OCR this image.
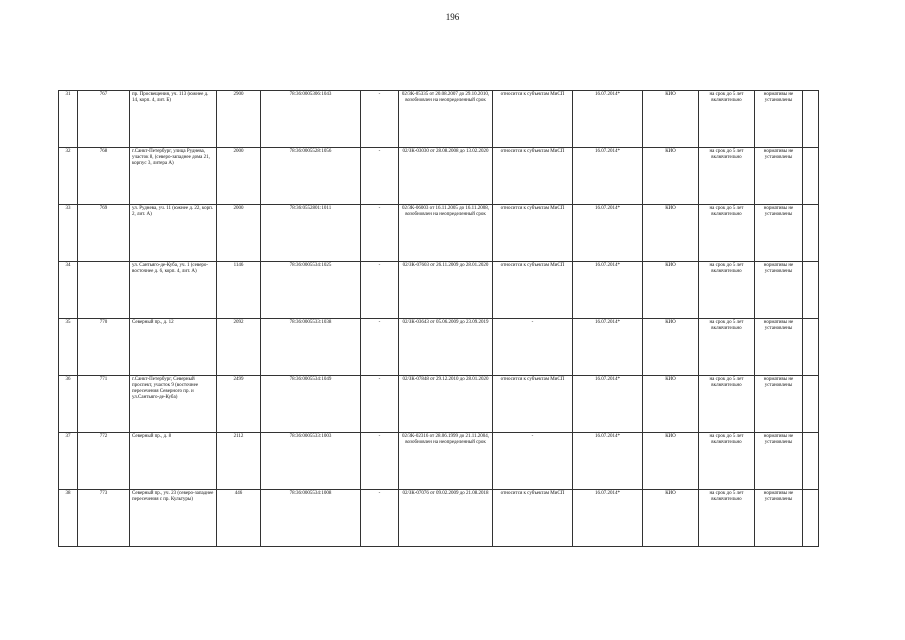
196
31	767	пр. Просвещения, уч. 113 (южнее д. 14, корп. 4, лит. Б)	2900	78:36:0005306:1043	-	02/ЗК-05335 от 20.08.2007 до 29.10.2010, возобновлен на неопределенный срок	относится к субъектам МиСП	16.07.2014*	КИО	на срок до 5 лет включительно	нормативы не установлены	
32	768	г.Санкт-Петербург, улица Руднева, участок 8, (северо-западнее дома 21, корпус 3, литера А)	2000	78:36:0005528:1056	-	02/ЗК-03030 от 28.08.2008 до 13.02.2020	относится к субъектам МиСП	16.07.2014*	КИО	на срок до 5 лет включительно	нормативы не установлены	
33	769	ул. Руднева, уч. 11 (южнее д. 22, корп. 2, лит. А)	2000	78:36:0552801:1011	-	02/ЗК-06003 от 16.11.2005 до 16.11.2008, возобновлен на неопределенный срок	относится к субъектам МиСП	16.07.2014*	КИО	на срок до 5 лет включительно	нормативы не установлены	
34		ул. Сантьяго-де-Куба, уч. 1 (северо-восточнее д. 6, корп. 4, лит. А)	1146	78:36:0005534:1025	-	02/ЗК-07603 от 26.11.2009 до 28.01.2020	относится к субъектам МиСП	16.07.2014*	КИО	на срок до 5 лет включительно	нормативы не установлены	
35	770	Северный пр., д. 12	2092	78:36:0005533:1038	-	02/ЗК-03643 от 05.06.2009 до 23.09.2019	-	16.07.2014*	КИО	на срок до 5 лет включительно	нормативы не установлены	
36	771	г.Санкт-Петербург, Северный проспект, участок 9 (восточнее пересечения Северного пр. и ул.Сантьяго-де-Куба)	2499	78:36:0005534:1049	-	02/ЗК-07848 от 29.12.2010 до 28.01.2020	относится к субъектам МиСП	16.07.2014*	КИО	на срок до 5 лет включительно	нормативы не установлены	
37	772	Северный пр., д. 8	2112	78:36:0005533:1003	-	02/ЗК-02316 от 28.06.1999 до 21.11.2004, возобновлен на неопределенный срок	-	16.07.2014*	КИО	на срок до 5 лет включительно	нормативы не установлены	
38	773	Северный пр., уч. 23 (северо-западнее пересечения с пр. Культуры)	446	78:36:0005534:1008	-	02/ЗК-07076 от 09.02.2009 до 21.08.2018	относится к субъектам МиСП	16.07.2014*	КИО	на срок до 5 лет включительно	нормативы не установлены	
